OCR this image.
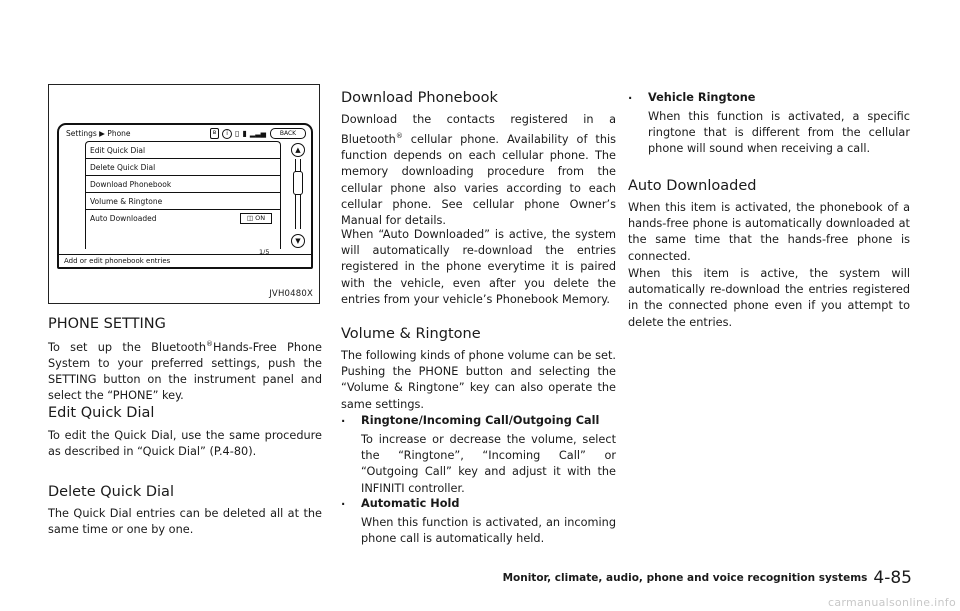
Settings ▶ Phone	ʙ	i ▯ ▮ ▂▃▅	BACK
Edit Quick Dial
Delete Quick Dial
Download Phonebook
Volume & Ringtone
Auto Downloaded	◫ ON
▲
▼
1/5
Add or edit phonebook entries
JVH0480X
PHONE SETTING

To set up the Bluetooth®Hands-Free Phone System to your preferred settings, push the SETTING button on the instrument panel and select the “PHONE” key.

Edit Quick Dial

To edit the Quick Dial, use the same procedure as described in “Quick Dial” (P.4-80).

Delete Quick Dial

The Quick Dial entries can be deleted all at the same time or one by one.

Download Phonebook

Download the contacts registered in a Bluetooth® cellular phone. Availability of this function depends on each cellular phone. The memory downloading procedure from the cellular phone also varies according to each cellular phone. See cellular phone Owner’s Manual for details.

When “Auto Downloaded” is active, the system will automatically re-download the entries registered in the phone everytime it is paired with the vehicle, even after you delete the entries from your vehicle’s Phonebook Memory.

Volume & Ringtone

The following kinds of phone volume can be set. Pushing the PHONE button and selecting the “Volume & Ringtone” key can also operate the same settings.

. Ringtone/Incoming Call/Outgoing Call

To increase or decrease the volume, select the “Ringtone”, “Incoming Call” or “Outgoing Call” key and adjust it with the INFINITI controller.

. Automatic Hold

When this function is activated, an incoming phone call is automatically held.

. Vehicle Ringtone

When this function is activated, a specific ringtone that is different from the cellular phone will sound when receiving a call.

Auto Downloaded

When this item is activated, the phonebook of a hands-free phone is automatically downloaded at the same time that the hands-free phone is connected.

When this item is active, the system will automatically re-download the entries registered in the connected phone even if you attempt to delete the entries.

Monitor, climate, audio, phone and voice recognition systems 4-85
carmanualsonline.info
